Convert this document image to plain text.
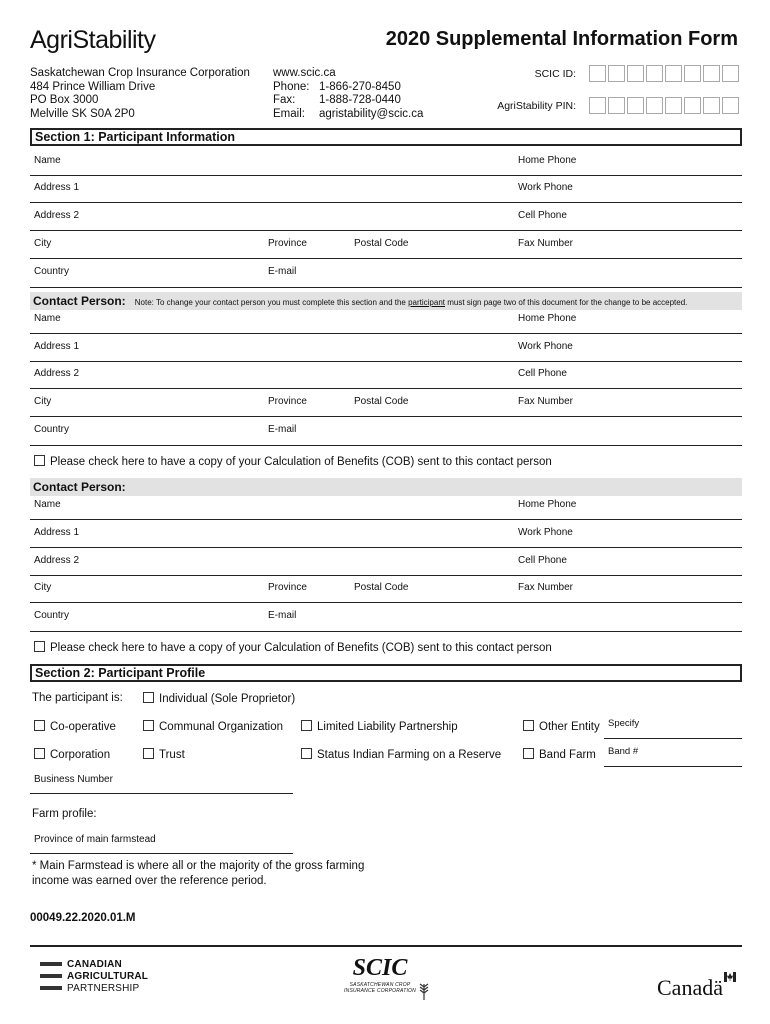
AgriStability	2020 Supplemental Information Form
Saskatchewan Crop Insurance Corporation
484 Prince William Drive
PO Box 3000
Melville SK S0A 2P0
www.scic.ca
Phone: 1-866-270-8450
Fax: 1-888-728-0440
Email: agristability@scic.ca
SCIC ID:
AgriStability PIN:
Section 1: Participant Information
Name	Home Phone
Address 1	Work Phone
Address 2	Cell Phone
City	Province	Postal Code	Fax Number
Country	E-mail
Contact Person: Note: To change your contact person you must complete this section and the participant must sign page two of this document for the change to be accepted.
Name	Home Phone
Address 1	Work Phone
Address 2	Cell Phone
City	Province	Postal Code	Fax Number
Country	E-mail
Please check here to have a copy of your Calculation of Benefits (COB) sent to this contact person
Contact Person:
Name	Home Phone
Address 1	Work Phone
Address 2	Cell Phone
City	Province	Postal Code	Fax Number
Country	E-mail
Please check here to have a copy of your Calculation of Benefits (COB) sent to this contact person
Section 2: Participant Profile
The participant is:	Individual (Sole Proprietor)
Co-operative	Communal Organization	Limited Liability Partnership	Other Entity Specify
Corporation	Trust	Status Indian Farming on a Reserve	Band Farm Band #
Business Number
Farm profile:
Province of main farmstead
* Main Farmstead is where all or the majority of the gross farming
income was earned over the reference period.
00049.22.2020.01.M
CANADIAN
AGRICULTURAL
PARTNERSHIP
SCIC
SASKATCHEWAN CROP
INSURANCE CORPORATION	Canadä
